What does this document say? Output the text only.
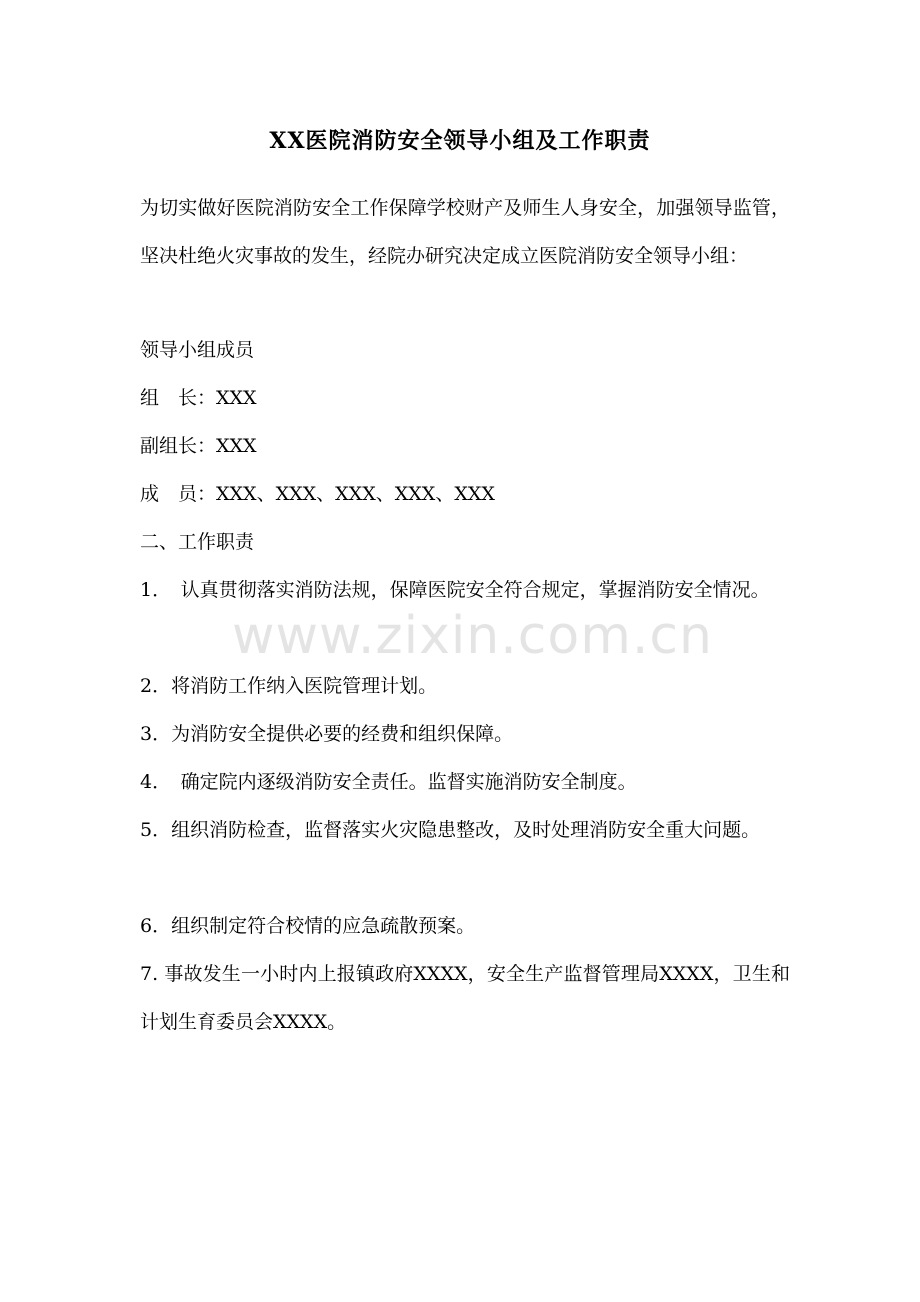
XX医院消防安全领导小组及工作职责

为切实做好医院消防安全工作保障学校财产及师生人身安全，加强领导监管，坚决杜绝火灾事故的发生，经院办研究决定成立医院消防安全领导小组：

领导小组成员
组　长：XXX
副组长：XXX
成　员：XXX、XXX、XXX、XXX、XXX
二、工作职责

1．　认真贯彻落实消防法规，保障医院安全符合规定，掌握消防安全情况。

2．将消防工作纳入医院管理计划。
3．为消防安全提供必要的经费和组织保障。
4．　确定院内逐级消防安全责任。监督实施消防安全制度。

5．组织消防检查，监督落实火灾隐患整改，及时处理消防安全重大问题。

6．组织制定符合校情的应急疏散预案。

7. 事故发生一小时内上报镇政府XXXX，安全生产监督管理局XXXX，卫生和计划生育委员会XXXX。

www.zixin.com.cn
